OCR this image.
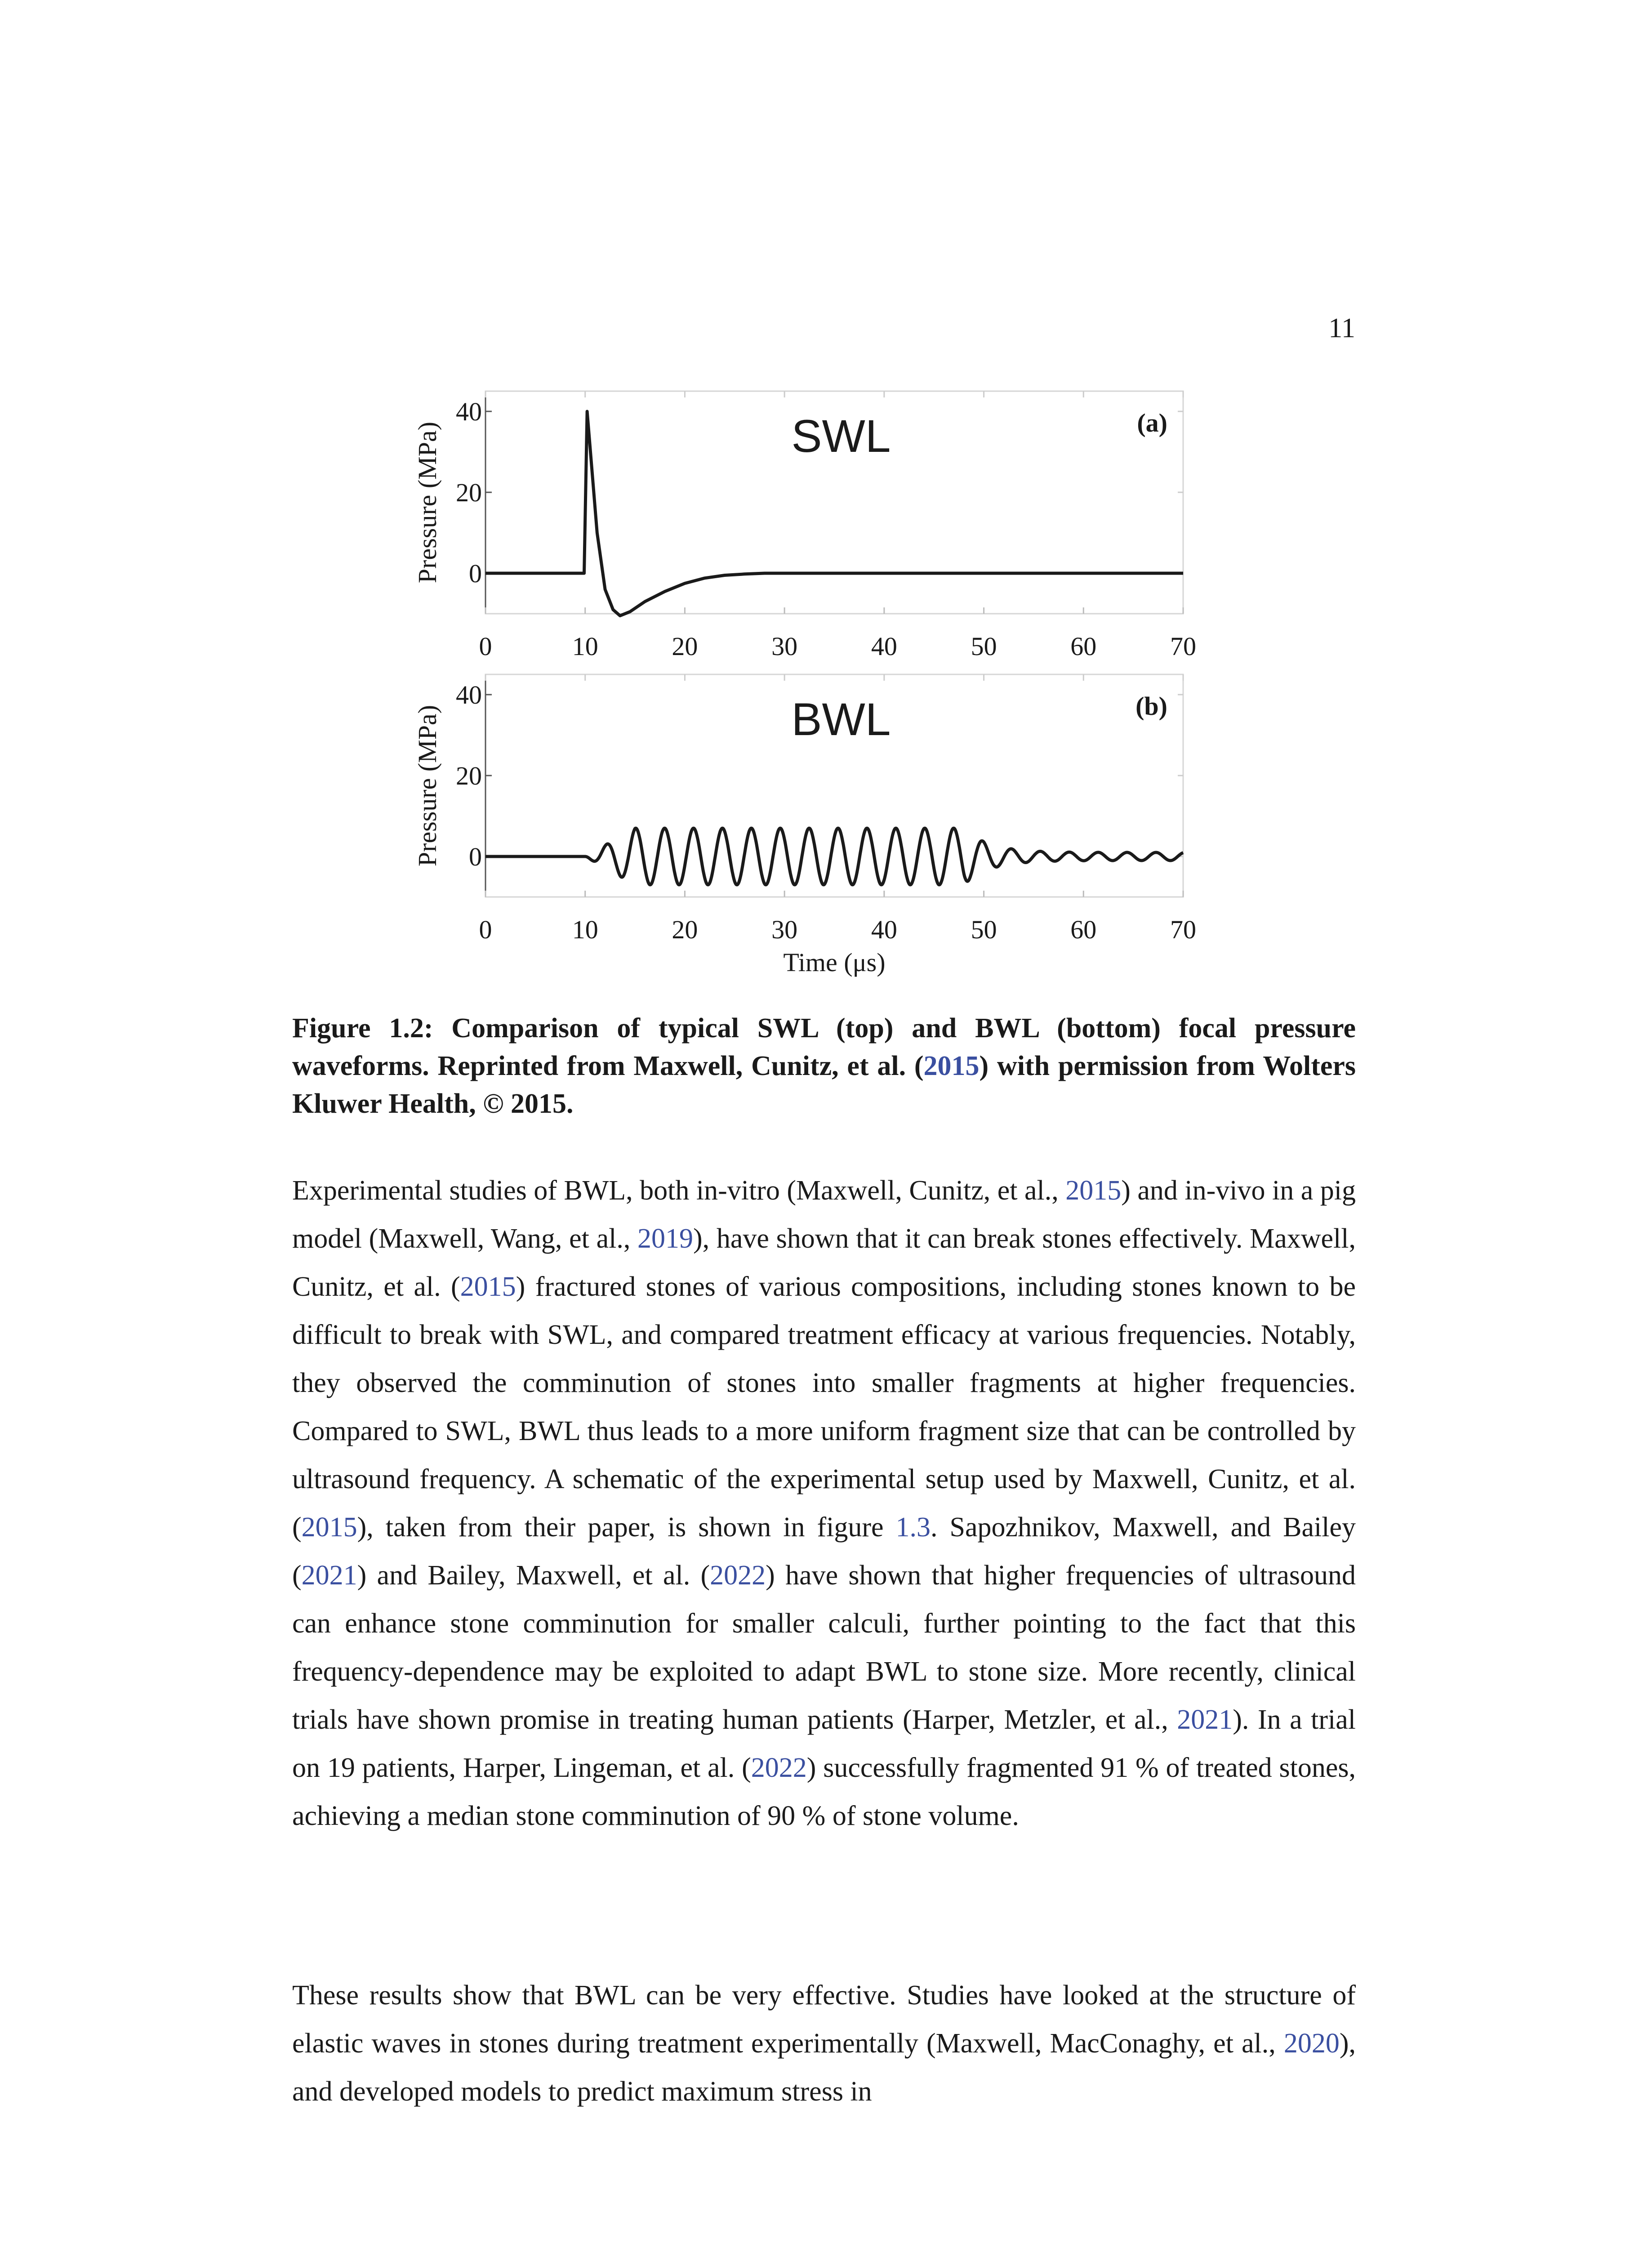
11
0	10	20	30	40	50	60	70
0
20
40
Pressure (MPa)	SWL	(a)
0	10	20	30	40	50	60	70
0
20
40
Pressure (MPa)	BWL	(b)
Time (μs)

Figure 1.2: Comparison of typical SWL (top) and BWL (bottom) focal pressure waveforms. Reprinted from Maxwell, Cunitz, et al. (2015) with permission from Wolters Kluwer Health, © 2015.

Experimental studies of BWL, both in-vitro (Maxwell, Cunitz, et al., 2015) and in-vivo in a pig model (Maxwell, Wang, et al., 2019), have shown that it can break stones effectively. Maxwell, Cunitz, et al. (2015) fractured stones of various compositions, including stones known to be difficult to break with SWL, and compared treatment efficacy at various frequencies. Notably, they observed the comminution of stones into smaller fragments at higher frequencies. Compared to SWL, BWL thus leads to a more uniform fragment size that can be controlled by ultrasound frequency. A schematic of the experimental setup used by Maxwell, Cunitz, et al. (2015), taken from their paper, is shown in figure 1.3. Sapozhnikov, Maxwell, and Bailey (2021) and Bailey, Maxwell, et al. (2022) have shown that higher frequencies of ultrasound can enhance stone comminution for smaller calculi, further pointing to the fact that this frequency-dependence may be exploited to adapt BWL to stone size. More recently, clinical trials have shown promise in treating human patients (Harper, Metzler, et al., 2021). In a trial on 19 patients, Harper, Lingeman, et al. (2022) successfully fragmented 91 % of treated stones, achieving a median stone comminution of 90 % of stone volume.

These results show that BWL can be very effective. Studies have looked at the structure of elastic waves in stones during treatment experimentally (Maxwell, MacConaghy, et al., 2020), and developed models to predict maximum stress in
